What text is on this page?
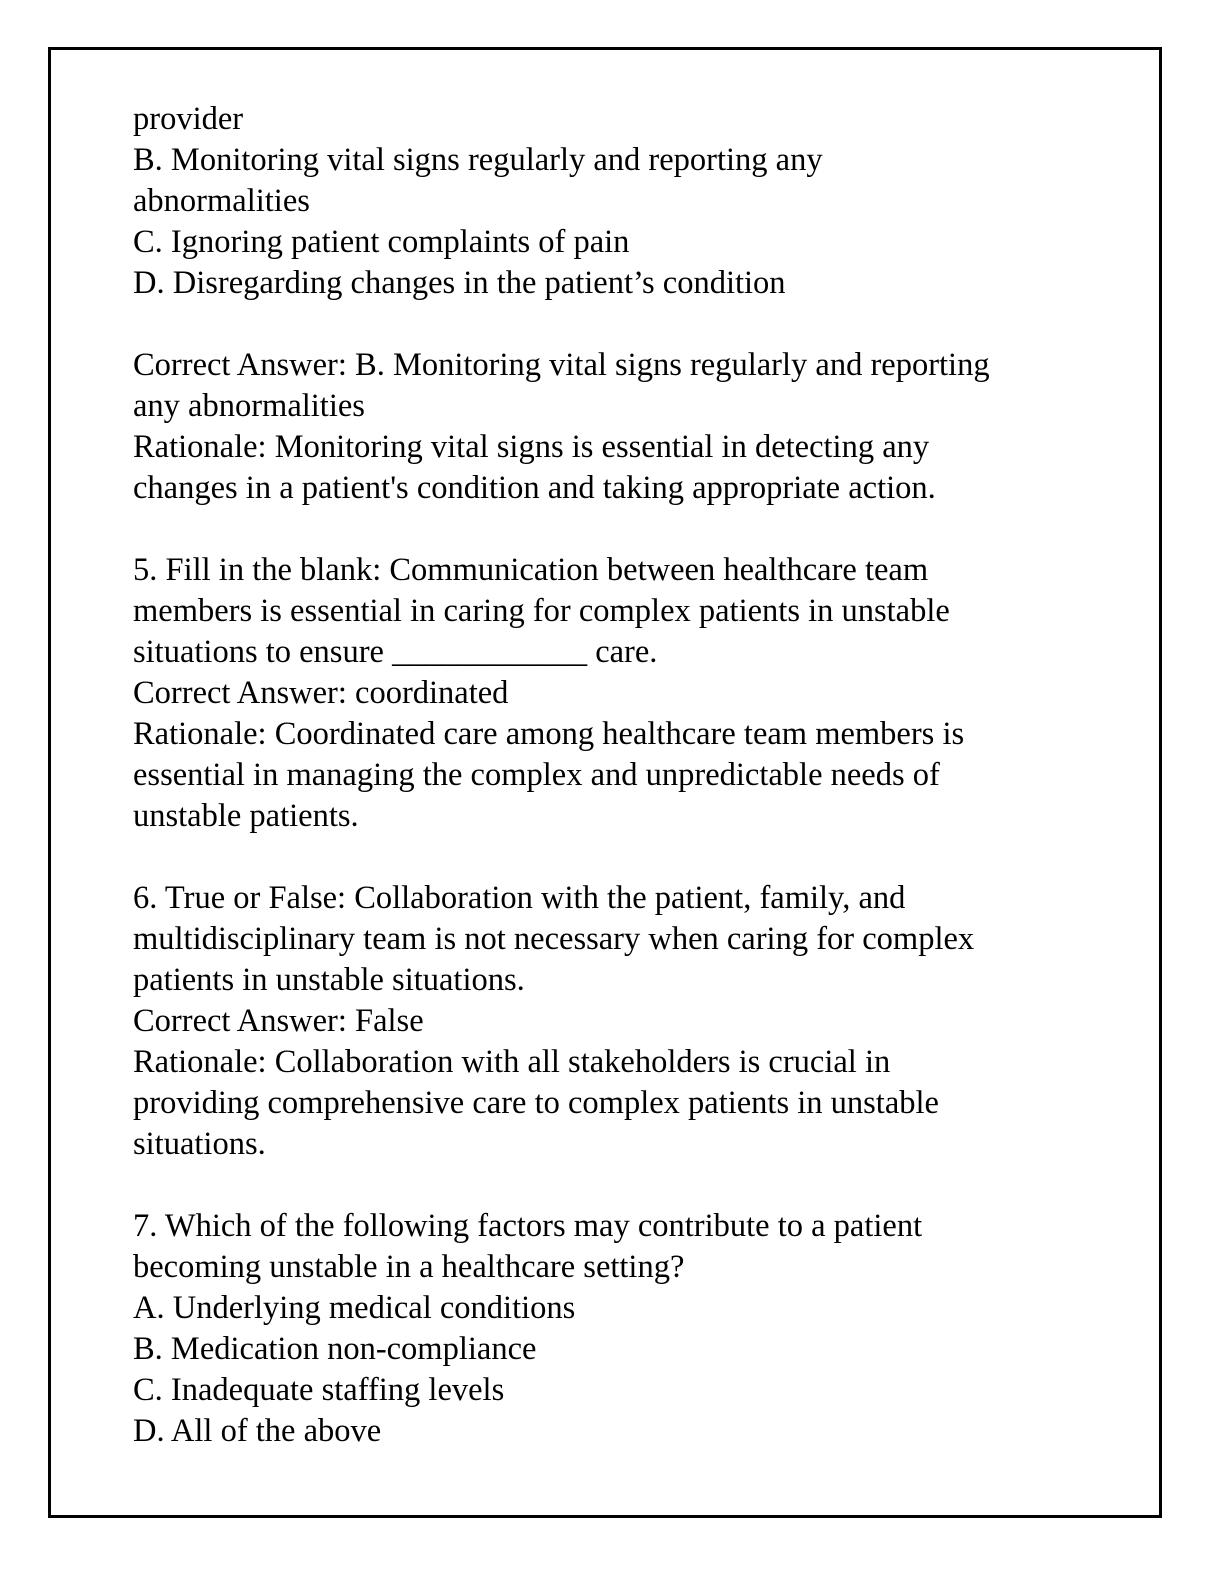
provider
B. Monitoring vital signs regularly and reporting any
abnormalities
C. Ignoring patient complaints of pain
D. Disregarding changes in the patient’s condition
Correct Answer: B. Monitoring vital signs regularly and reporting
any abnormalities
Rationale: Monitoring vital signs is essential in detecting any
changes in a patient's condition and taking appropriate action.
5. Fill in the blank: Communication between healthcare team
members is essential in caring for complex patients in unstable
situations to ensure ____________ care.
Correct Answer: coordinated
Rationale: Coordinated care among healthcare team members is
essential in managing the complex and unpredictable needs of
unstable patients.
6. True or False: Collaboration with the patient, family, and
multidisciplinary team is not necessary when caring for complex
patients in unstable situations.
Correct Answer: False
Rationale: Collaboration with all stakeholders is crucial in
providing comprehensive care to complex patients in unstable
situations.
7. Which of the following factors may contribute to a patient
becoming unstable in a healthcare setting?
A. Underlying medical conditions
B. Medication non-compliance
C. Inadequate staffing levels
D. All of the above
